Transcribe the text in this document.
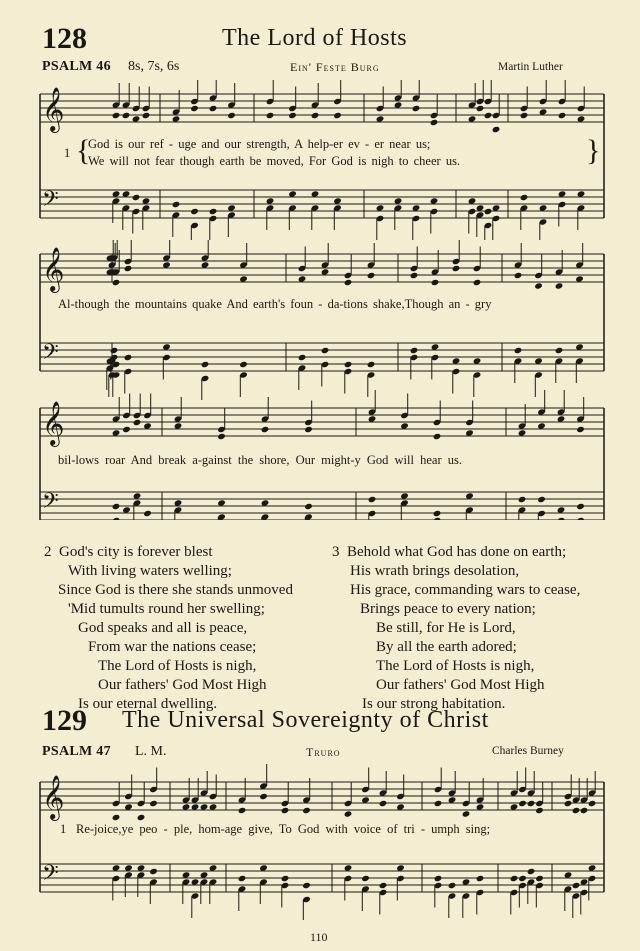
128	The Lord of Hosts
PSALM 46 8s, 7s, 6s	Ein' Feste Burg	Martin Luther
𝄞
𝄢
𝄞
𝄢
𝄞
𝄢
1 {
God is our ref - uge and our strength, A help-er ev - er near us;
We will not fear though earth be moved, For God is nigh to cheer us.	}
Al-though the mountains quake And earth's foun - da-tions shake,Though an - gry
bil-lows roar And break a-gainst the shore, Our might-y God will hear us.
2 God's city is forever blest
With living waters welling;
Since God is there she stands unmoved
'Mid tumults round her swelling;
God speaks and all is peace,
From war the nations cease;
The Lord of Hosts is nigh,
Our fathers' God Most High
Is our eternal dwelling.
3 Behold what God has done on earth;
His wrath brings desolation,
His grace, commanding wars to cease,
Brings peace to every nation;
Be still, for He is Lord,
By all the earth adored;
The Lord of Hosts is nigh,
Our fathers' God Most High
Is our strong habitation.
129 The Universal Sovereignty of Christ
PSALM 47 L. M.	Truro	Charles Burney
𝄞
𝄢
1 Re-joice,ye peo - ple, hom-age give, To God with voice of tri - umph sing;
110
